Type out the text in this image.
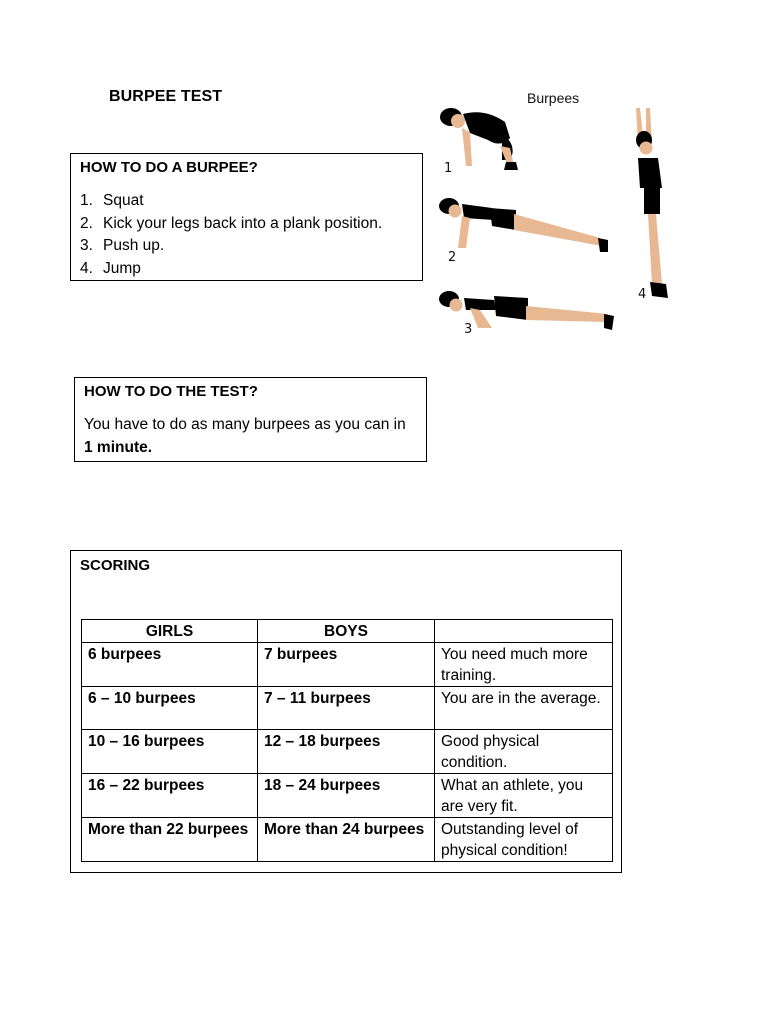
BURPEE TEST
HOW TO DO A BURPEE?
1. Squat
2. Kick your legs back into a plank position.
3. Push up.
4. Jump
Burpees
1
2
3
4
HOW TO DO THE TEST?
You have to do as many burpees as you can in 1 minute.
SCORING
GIRLS	BOYS	
6 burpees	7 burpees	You need much more training.
6 – 10 burpees	7 – 11 burpees	You are in the average.
10 – 16 burpees	12 – 18 burpees	Good physical condition.
16 – 22 burpees	18 – 24 burpees	What an athlete, you are very fit.
More than 22 burpees	More than 24 burpees	Outstanding level of physical condition!
